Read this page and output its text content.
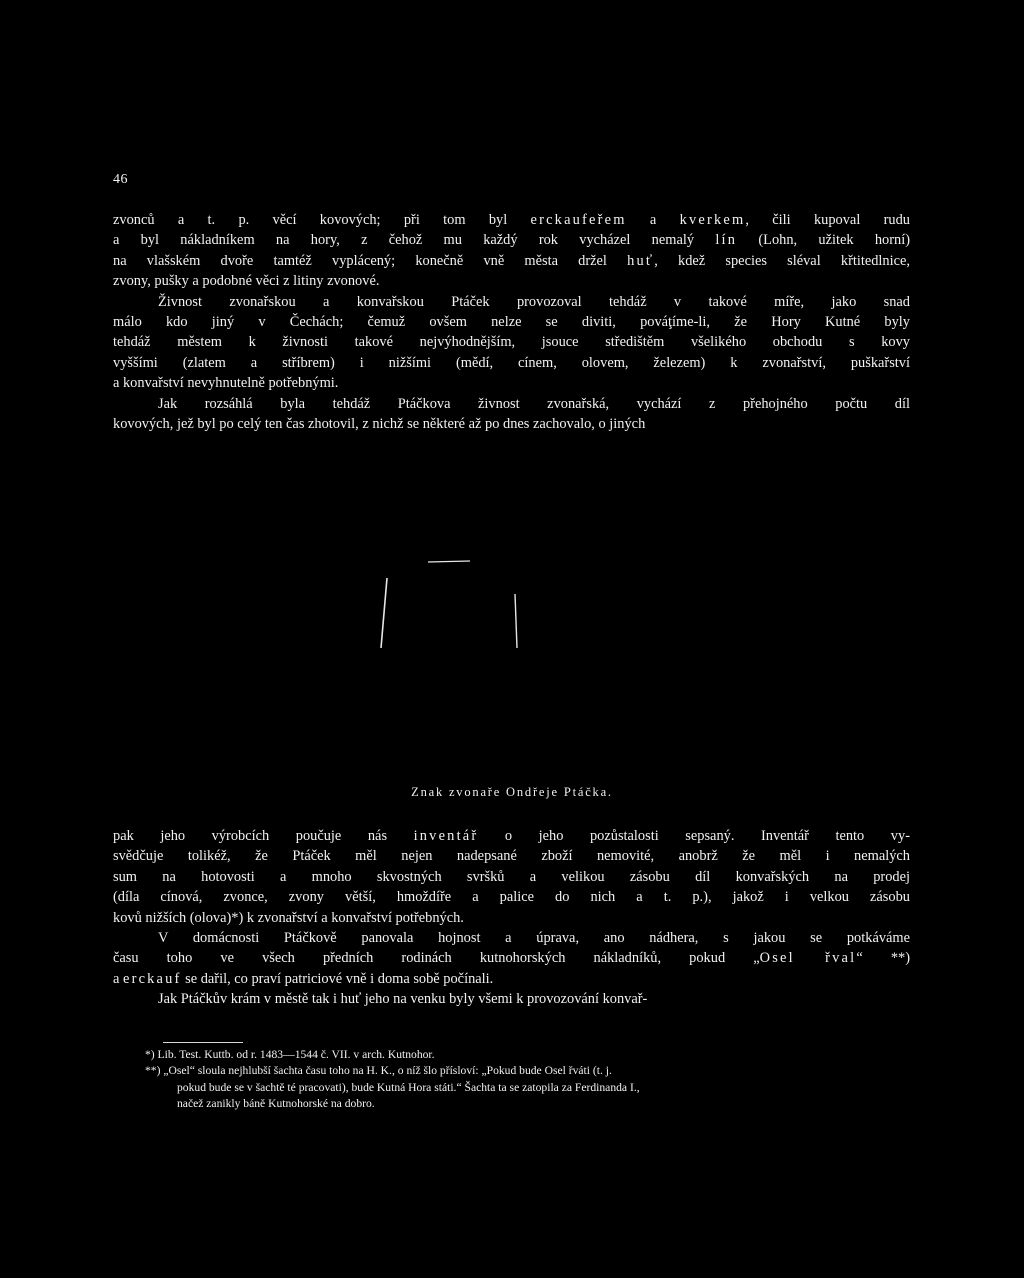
46
zvonců a t. p. věcí kovových; při tom byl erckaufeřem a kverkem, čili kupoval rudu
a byl nákladníkem na hory, z čehož mu každý rok vycházel nemalý lín (Lohn, užitek horní)
na vlašském dvoře tamtéž vyplácený; konečně vně města držel huť, kdež species sléval křtitedlnice,
zvony, pušky a podobné věci z litiny zvonové.
Živnost zvonařskou a konvařskou Ptáček provozoval tehdáž v takové míře, jako snad
málo kdo jiný v Čechách; čemuž ovšem nelze se diviti, pováţíme-li, že Hory Kutné byly
tehdáž městem k živnosti takové nejvýhodnějším, jsouce středištěm všelikého obchodu s kovy
vyššími (zlatem a stříbrem) i nižšími (mědí, cínem, olovem, železem) k zvonařství, puškařství
a konvařství nevyhnutelně potřebnými.
Jak rozsáhlá byla tehdáž Ptáčkova živnost zvonařská, vychází z přehojného počtu díl
kovových, jež byl po celý ten čas zhotovil, z nichž se některé až po dnes zachovalo, o jiných
Znak zvonaře Ondřeje Ptáčka.
pak jeho výrobcích poučuje nás inventář o jeho pozůstalosti sepsaný. Inventář tento vy-
svědčuje tolikéž, že Ptáček měl nejen nadepsané zboží nemovité, anobrž že měl i nemalých
sum na hotovosti a mnoho skvostných svršků a velikou zásobu díl konvařských na prodej
(díla cínová, zvonce, zvony větší, hmoždíře a palice do nich a t. p.), jakož i velkou zásobu
kovů nižších (olova)*) k zvonařství a konvařství potřebných.
V domácnosti Ptáčkově panovala hojnost a úprava, ano nádhera, s jakou se potkáváme
času toho ve všech předních rodinách kutnohorských nákladníků, pokud „Osel řval“ **)
a erckauf se dařil, co praví patriciové vně i doma sobě počínali.
Jak Ptáčkův krám v městě tak i huť jeho na venku byly všemi k provozování konvař-
*) Lib. Test. Kuttb. od r. 1483—1544 č. VII. v arch. Kutnohor.
**) „Osel“ sloula nejhlubší šachta času toho na H. K., o níž šlo přísloví: „Pokud bude Osel řváti (t. j.
pokud bude se v šachtě té pracovati), bude Kutná Hora státi.“ Šachta ta se zatopila za Ferdinanda I.,
načež zanikly báně Kutnohorské na dobro.
